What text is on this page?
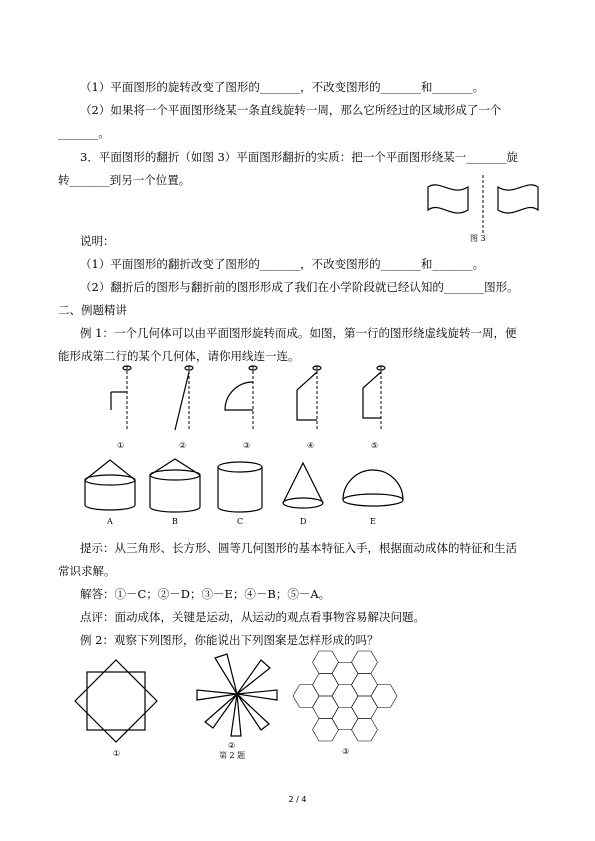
（1）平面图形的旋转改变了图形的_______，不改变图形的_______和_______。
（2）如果将一个平面图形绕某一条直线旋转一周，那么它所经过的区域形成了一个
_______。
3．平面图形的翻折（如图 3）平面图形翻折的实质：把一个平面图形绕某一_______旋
转_______到另一个位置。
图 3
说明：
（1）平面图形的翻折改变了图形的_______，不改变图形的_______和_______。
（2）翻折后的图形与翻折前的图形形成了我们在小学阶段就已经认知的_______图形。
二、例题精讲
例 1：一个几何体可以由平面图形旋转而成。如图，第一行的图形绕虚线旋转一周，便
能形成第二行的某个几何体，请你用线连一连。
①	②	③	④	⑤
A	B	C	D	E
提示：从三角形、长方形、圆等几何图形的基本特征入手，根据面动成体的特征和生活
常识求解。
解答：①－C；②－D；③－E；④－B；⑤－A。
点评：面动成体，关键是运动，从运动的观点看事物容易解决问题。
例 2：观察下列图形，你能说出下列图案是怎样形成的吗？
①
②
第 2 题	③
2 / 4
